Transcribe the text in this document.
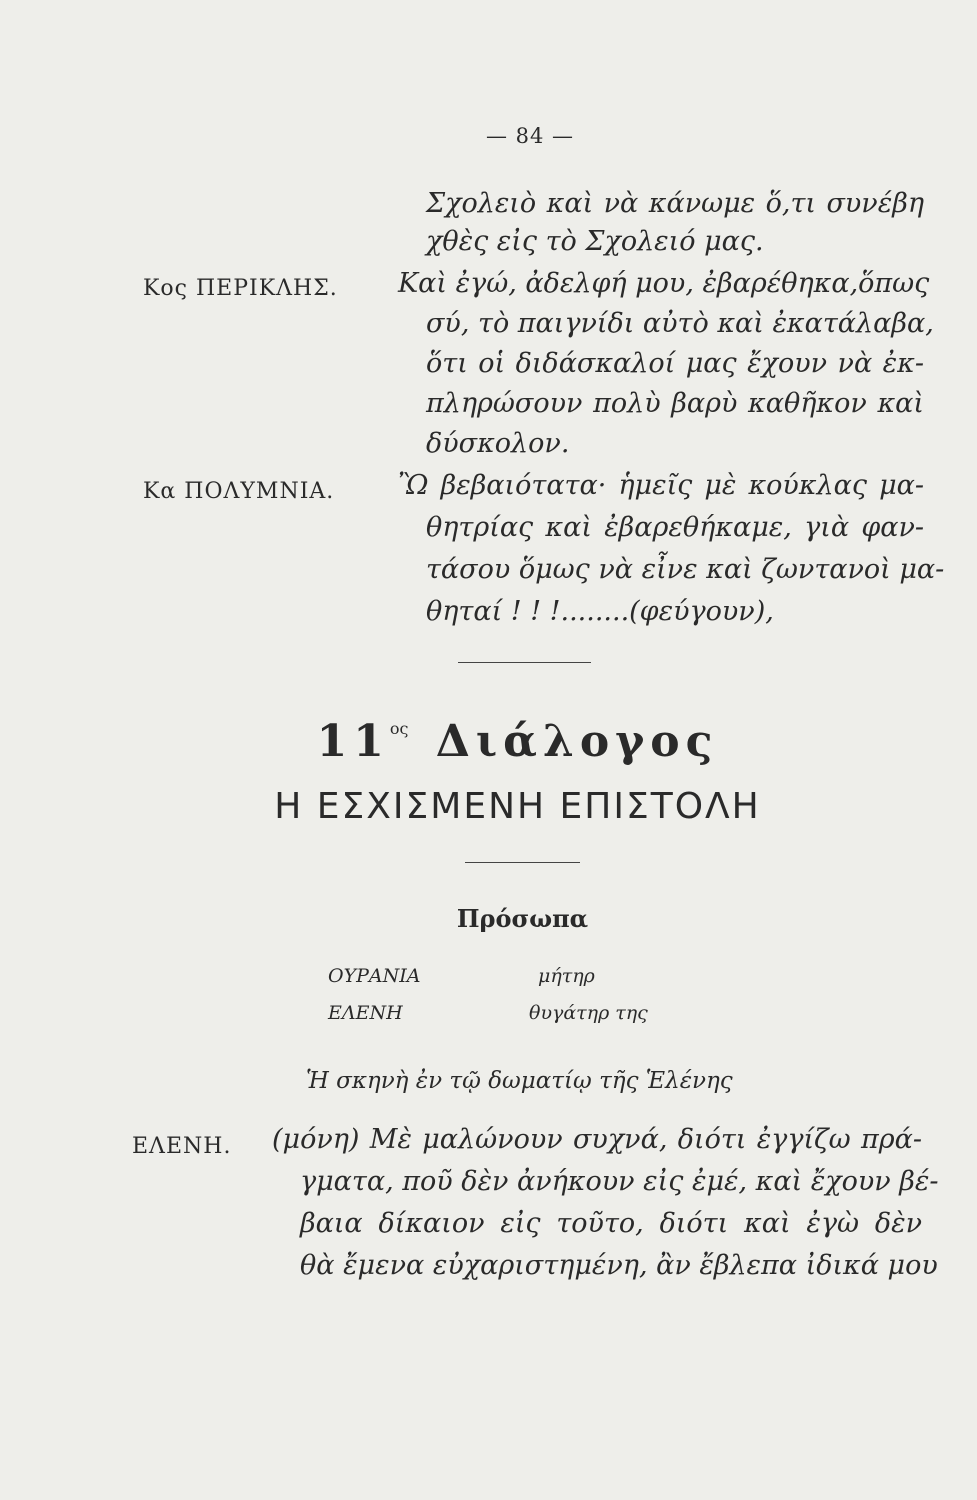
— 84 —
Σχολειὸ καὶ νὰ κάνωμε ὅ,τι συνέβη
χθὲς εἰς τὸ Σχολειό μας.
Κος ΠΕΡΙΚΛΗΣ. Καὶ ἐγώ, ἀδελφή μου, ἐβαρέθηκα,ὅπως
σύ, τὸ παιγνίδι αὐτὸ καὶ ἐκατάλαβα,
ὅτι οἱ διδάσκαλοί μας ἔχουν νὰ ἐκ-
πληρώσουν πολὺ βαρὺ καθῆκον καὶ
δύσκολον.
Κα ΠΟΛΥΜΝΙΑ. Ὢ βεβαιότατα· ἡμεῖς μὲ κούκλας μα-
θητρίας καὶ ἐβαρεθήκαμε, γιὰ φαν-
τάσου ὅμως νὰ εἶνε καὶ ζωντανοὶ μα-
θηταί ! ! !........(φεύγουν),
$11^{o\varsigma}$ Διάλογος
Η ΕΣΧΙΣΜΕΝΗ ΕΠΙΣΤΟΛΗ
Πρόσωπα
ΟΥΡΑΝΙΑ	μήτηρ
ΕΛΕΝΗ	θυγάτηρ της
Ἡ σκηνὴ ἐν τῷ δωματίῳ τῆς Ἑλένης
ΕΛΕΝΗ. (μόνη) Μὲ μαλώνουν συχνά, διότι ἐγγίζω πρά-
γματα, ποῦ δὲν ἀνήκουν εἰς ἐμέ, καὶ ἔχουν βέ-
βαια δίκαιον εἰς τοῦτο, διότι καὶ ἐγὼ δὲν
θὰ ἔμενα εὐχαριστημένη, ἂν ἔβλεπα ἰδικά μου
